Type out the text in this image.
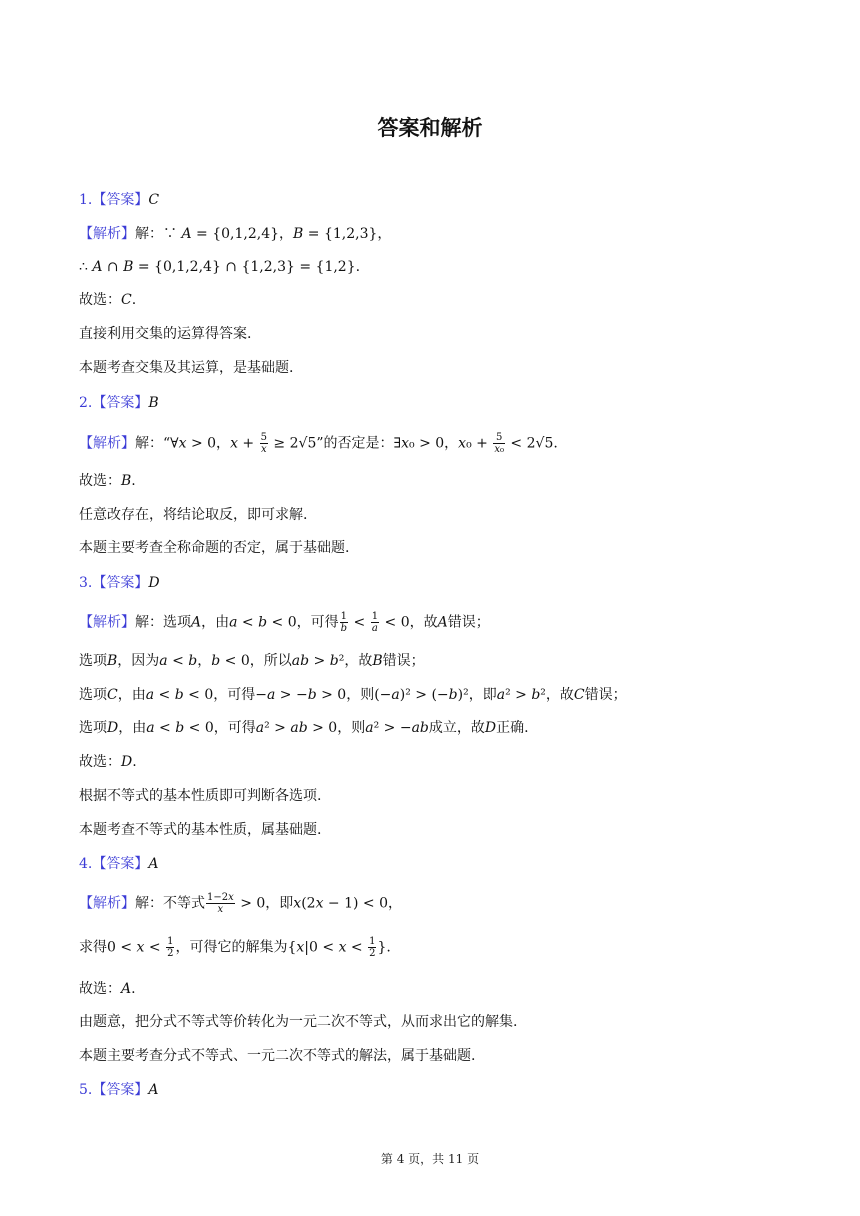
答案和解析
1.【答案】C
【解析】解：∵ A = {0,1,2,4}，B = {1,2,3}，
∴ A ∩ B = {0,1,2,4} ∩ {1,2,3} = {1,2}.
故选：C.
直接利用交集的运算得答案.
本题考查交集及其运算，是基础题.
2.【答案】B
【解析】解：“∀x > 0，$x + \frac{5}{x} \ge 2√5$”的否定是：∃x₀ > 0，$x_0 + \frac{5}{\text{x₀}} < 2√5$.
故选：B.
任意改存在，将结论取反，即可求解.
本题主要考查全称命题的否定，属于基础题.
3.【答案】D
【解析】解：选项A，由a < b < 0，可得 $\frac{1}{b} < \frac{1}{a} < 0$，故A错误；
选项B，因为a < b，b < 0，所以ab > b²，故B错误；
选项C，由a < b < 0，可得−a > −b > 0，则(−a)² > (−b)²，即a² > b²，故C错误；
选项D，由a < b < 0，可得a² > ab > 0，则a² > −ab成立，故D正确.
故选：D.
根据不等式的基本性质即可判断各选项.
本题考查不等式的基本性质，属基础题.
4.【答案】A
【解析】解：不等式 $\frac{1-2x}{x} > 0$，即x(2x − 1) < 0，
求得$0 < x < \frac{1}{2}$ ，可得它的解集为{$x|0 < x < \frac{1}{2}$ }.
故选：A.
由题意，把分式不等式等价转化为一元二次不等式，从而求出它的解集.
本题主要考查分式不等式、一元二次不等式的解法，属于基础题.
5.【答案】A
第 4 页，共 11 页
